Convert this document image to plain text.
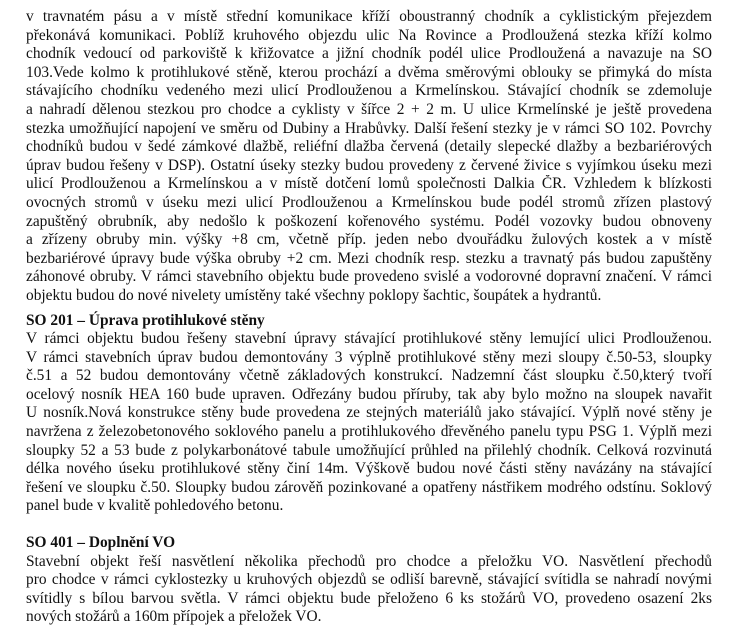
v travnatém pásu a v místě střední komunikace kříží oboustranný chodník a cyklistickým přejezdem
překonává komunikaci. Poblíž kruhového objezdu ulic Na Rovince a Prodloužená stezka kříží kolmo
chodník vedoucí od parkoviště k křižovatce a jižní chodník podél ulice Prodloužená a navazuje na SO
103.Vede kolmo k protihlukové stěně, kterou prochází a dvěma směrovými oblouky se přimyká do místa
stávajícího chodníku vedeného mezi ulicí Prodlouženou a Krmelínskou. Stávající chodník se zdemoluje
a nahradí dělenou stezkou pro chodce a cyklisty v šířce 2 + 2 m. U ulice Krmelínské je ještě provedena
stezka umožňující napojení ve směru od Dubiny a Hrabůvky. Další řešení stezky je v rámci SO 102. Povrchy
chodníků budou v šedé zámkové dlažbě, reliéfní dlažba červená (detaily slepecké dlažby a bezbariérových
úprav budou řešeny v DSP). Ostatní úseky stezky budou provedeny z červené živice s vyjímkou úseku mezi
ulicí Prodlouženou a Krmelínskou a v místě dotčení lomů společnosti Dalkia ČR. Vzhledem k blízkosti
ovocných stromů v úseku mezi ulicí Prodlouženou a Krmelínskou bude podél stromů zřízen plastový
zapuštěný obrubník, aby nedošlo k poškození kořenového systému. Podél vozovky budou obnoveny
a zřízeny obruby min. výšky +8 cm, včetně příp. jeden nebo dvouřádku žulových kostek a v místě
bezbariérové úpravy bude výška obruby +2 cm. Mezi chodník resp. stezku a travnatý pás budou zapuštěny
záhonové obruby. V rámci stavebního objektu bude provedeno svislé a vodorovné dopravní značení. V rámci
objektu budou do nové nivelety umístěny také všechny poklopy šachtic, šoupátek a hydrantů.
SO 201 – Úprava protihlukové stěny
V rámci objektu budou řešeny stavební úpravy stávající protihlukové stěny lemující ulici Prodlouženou.
V rámci stavebních úprav budou demontovány 3 výplně protihlukové stěny mezi sloupy č.50-53, sloupky
č.51 a 52 budou demontovány včetně základových konstrukcí. Nadzemní část sloupku č.50,který tvoří
ocelový nosník HEA 160 bude upraven. Odřezány budou příruby, tak aby bylo možno na sloupek navařit
U nosník.Nová konstrukce stěny bude provedena ze stejných materiálů jako stávající. Výplň nové stěny je
navržena z železobetonového soklového panelu a protihlukového dřevěného panelu typu PSG 1. Výplň mezi
sloupky 52 a 53 bude z polykarbonátové tabule umožňující průhled na přilehlý chodník. Celková rozvinutá
délka nového úseku protihlukové stěny činí 14m. Výškově budou nové části stěny navázány na stávající
řešení ve sloupku č.50. Sloupky budou zárověň pozinkované a opatřeny nástřikem modrého odstínu. Soklový
panel bude v kvalitě pohledového betonu.
SO 401 – Doplnění VO
Stavební objekt řeší nasvětlení několika přechodů pro chodce a přeložku VO. Nasvětlení přechodů
pro chodce v rámci cyklostezky u kruhových objezdů se odliší barevně, stávající svítidla se nahradí novými
svítidly s bílou barvou světla. V rámci objektu bude přeloženo 6 ks stožárů VO, provedeno osazení 2ks
nových stožárů a 160m přípojek a přeložek VO.
